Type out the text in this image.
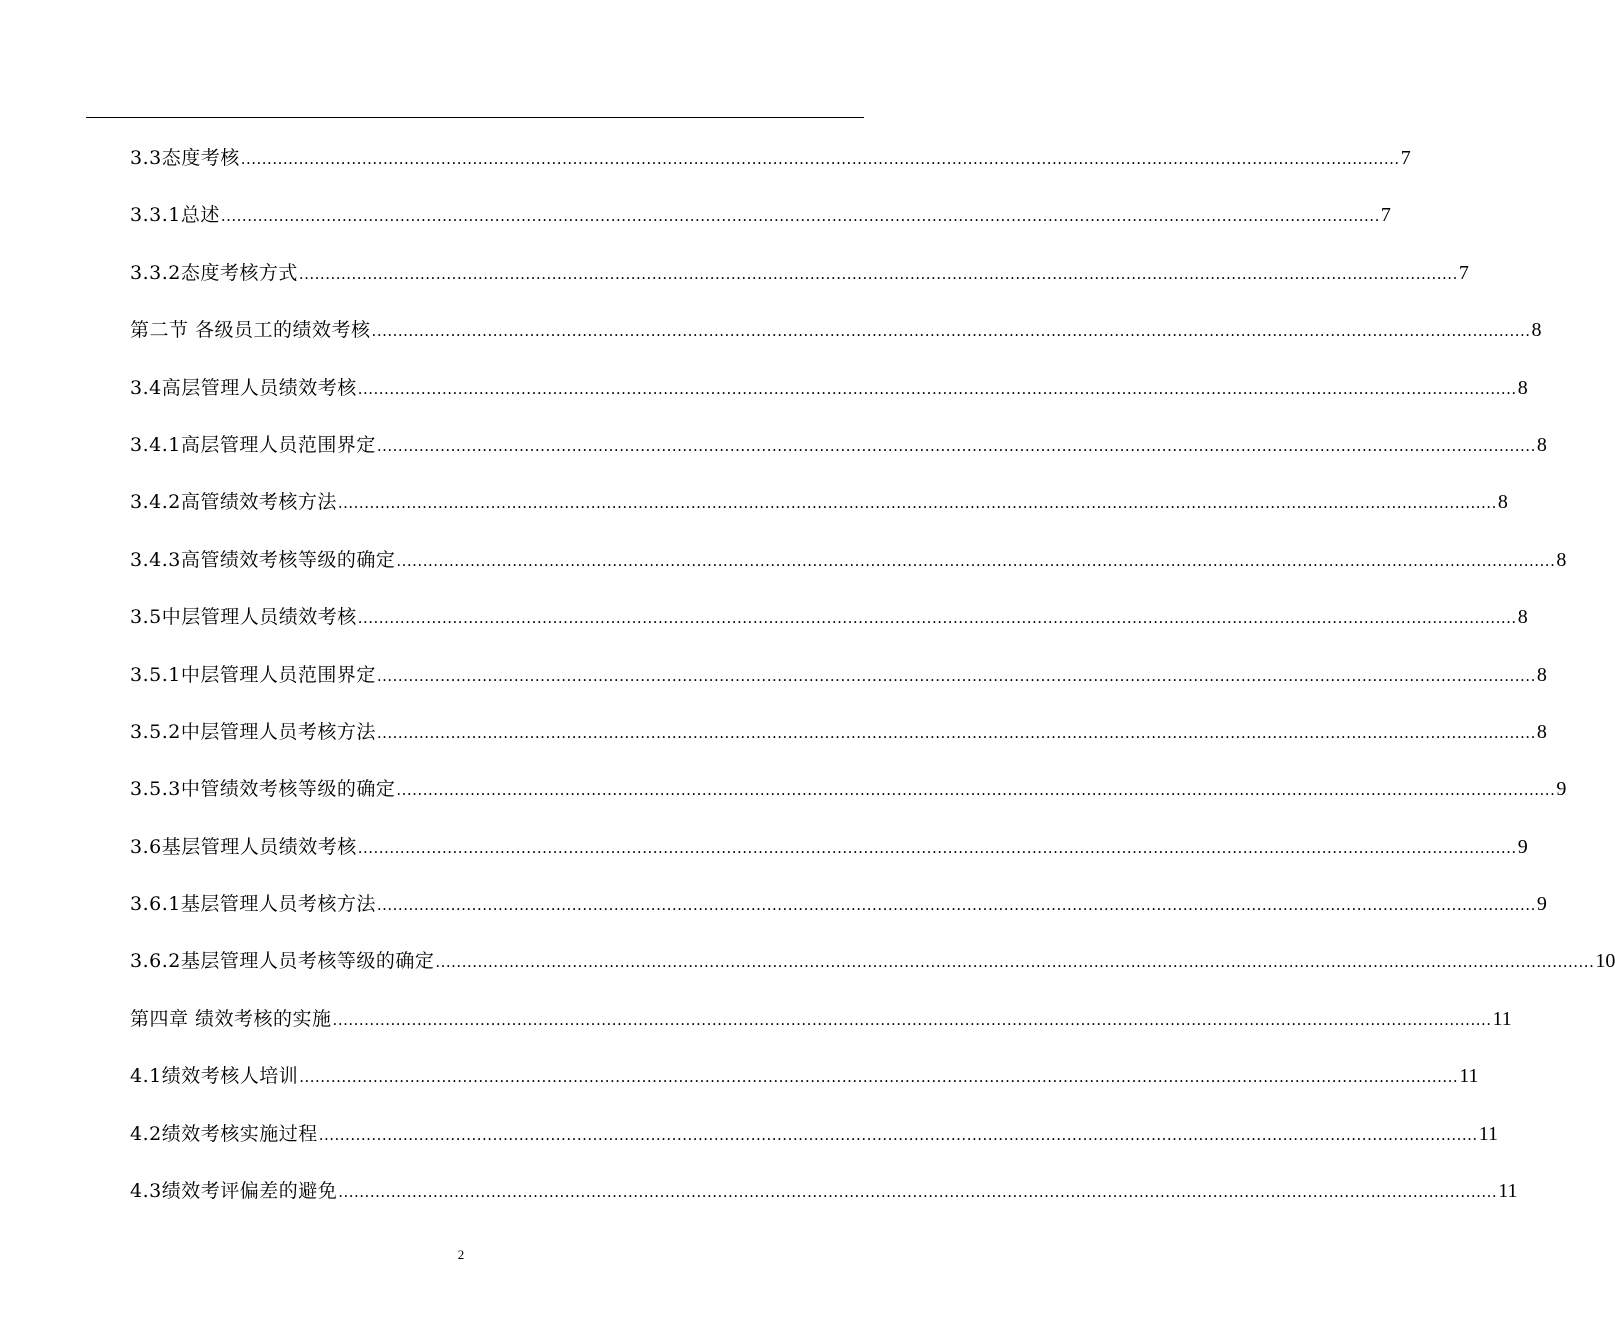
3.3态度考核 ............................................................................................................................................................................................................................ 7
3.3.1总述 ............................................................................................................................................................................................................................ 7
3.3.2态度考核方式 ............................................................................................................................................................................................................................ 7
第二节 各级员工的绩效考核 ............................................................................................................................................................................................................................ 8
3.4高层管理人员绩效考核 ............................................................................................................................................................................................................................ 8
3.4.1高层管理人员范围界定 ............................................................................................................................................................................................................................ 8
3.4.2高管绩效考核方法 ............................................................................................................................................................................................................................ 8
3.4.3高管绩效考核等级的确定 ............................................................................................................................................................................................................................ 8
3.5中层管理人员绩效考核 ............................................................................................................................................................................................................................ 8
3.5.1中层管理人员范围界定 ............................................................................................................................................................................................................................ 8
3.5.2中层管理人员考核方法 ............................................................................................................................................................................................................................ 8
3.5.3中管绩效考核等级的确定 ............................................................................................................................................................................................................................ 9
3.6基层管理人员绩效考核 ............................................................................................................................................................................................................................ 9
3.6.1基层管理人员考核方法 ............................................................................................................................................................................................................................ 9
3.6.2基层管理人员考核等级的确定 ............................................................................................................................................................................................................................ 10
第四章 绩效考核的实施 ............................................................................................................................................................................................................................ 11
4.1绩效考核人培训 ............................................................................................................................................................................................................................ 11
4.2绩效考核实施过程 ............................................................................................................................................................................................................................ 11
4.3绩效考评偏差的避免 ............................................................................................................................................................................................................................ 11
2
